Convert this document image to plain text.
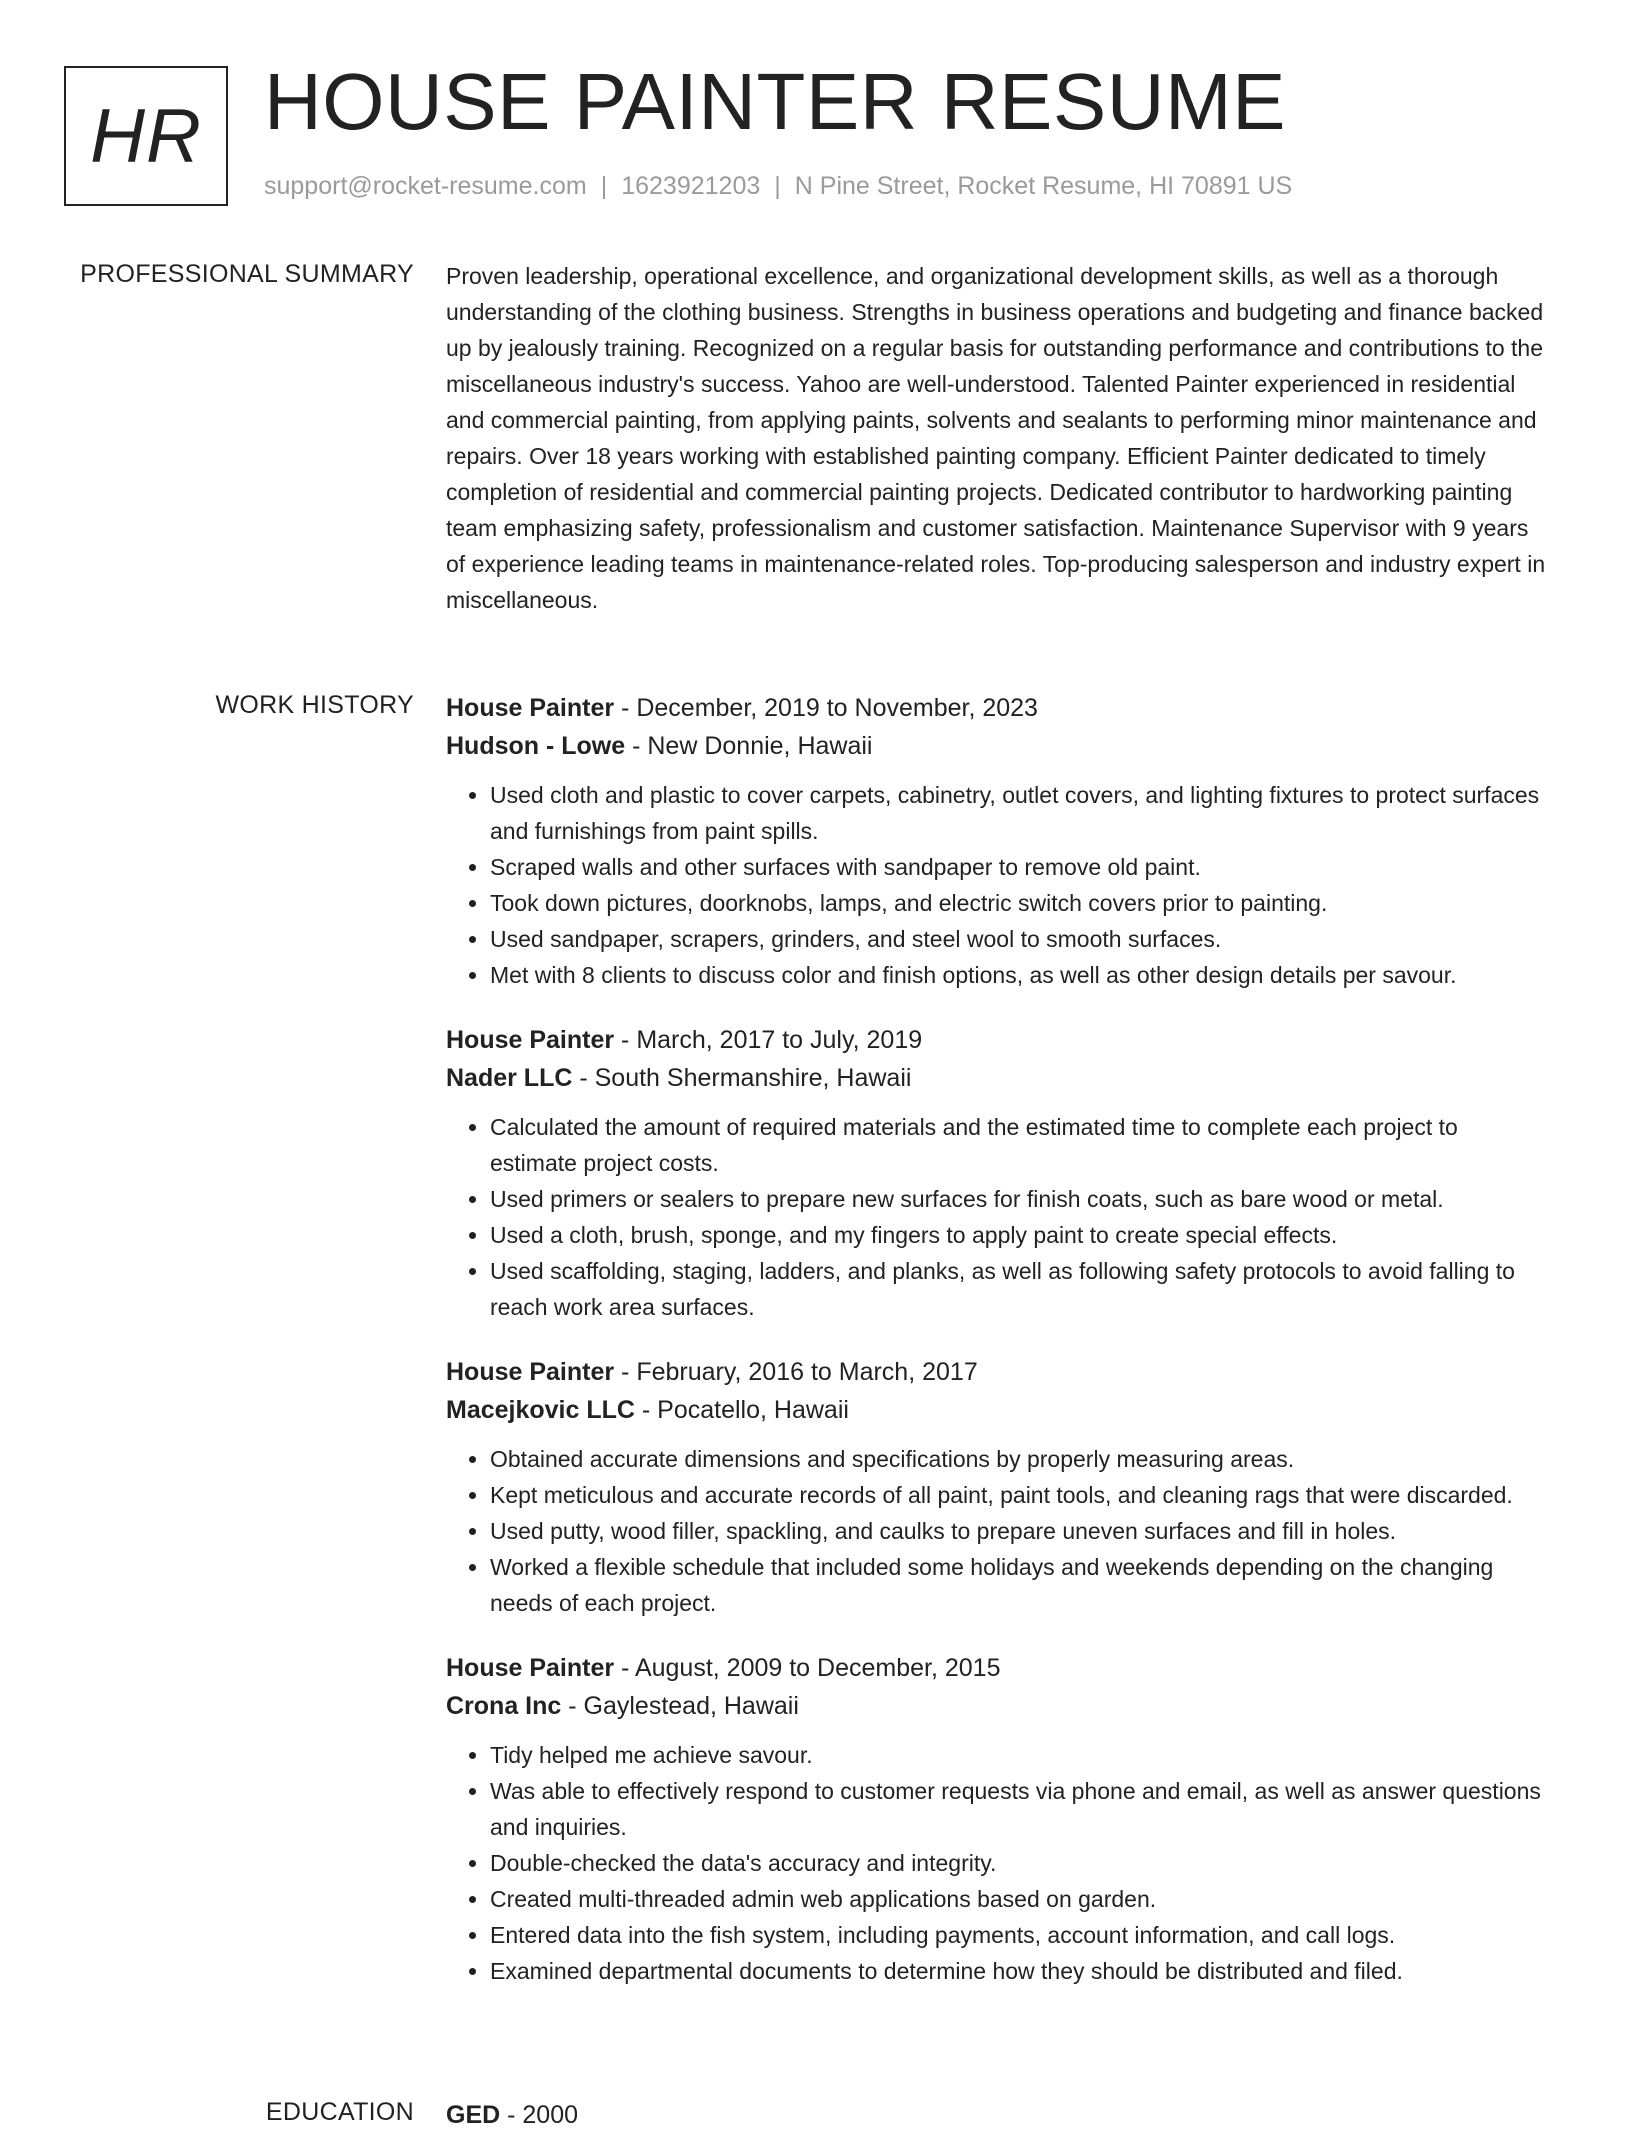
HR HOUSE PAINTER RESUME
support@rocket-resume.com | 1623921203 | N Pine Street, Rocket Resume, HI 70891 US
PROFESSIONAL SUMMARY Proven leadership, operational excellence, and organizational development skills, as well as a thorough understanding of the clothing business. Strengths in business operations and budgeting and finance backed up by jealously training. Recognized on a regular basis for outstanding performance and contributions to the miscellaneous industry's success. Yahoo are well-understood. Talented Painter experienced in residential and commercial painting, from applying paints, solvents and sealants to performing minor maintenance and repairs. Over 18 years working with established painting company. Efficient Painter dedicated to timely completion of residential and commercial painting projects. Dedicated contributor to hardworking painting team emphasizing safety, professionalism and customer satisfaction. Maintenance Supervisor with 9 years of experience leading teams in maintenance-related roles. Top-producing salesperson and industry expert in miscellaneous.

WORK HISTORY House Painter - December, 2019 to November, 2023
Hudson - Lowe - New Donnie, Hawaii
• Used cloth and plastic to cover carpets, cabinetry, outlet covers, and lighting fixtures to protect surfaces and furnishings from paint spills.
• Scraped walls and other surfaces with sandpaper to remove old paint.
• Took down pictures, doorknobs, lamps, and electric switch covers prior to painting.
• Used sandpaper, scrapers, grinders, and steel wool to smooth surfaces.
• Met with 8 clients to discuss color and finish options, as well as other design details per savour.
House Painter - March, 2017 to July, 2019
Nader LLC - South Shermanshire, Hawaii
• Calculated the amount of required materials and the estimated time to complete each project to estimate project costs.
• Used primers or sealers to prepare new surfaces for finish coats, such as bare wood or metal.
• Used a cloth, brush, sponge, and my fingers to apply paint to create special effects.
• Used scaffolding, staging, ladders, and planks, as well as following safety protocols to avoid falling to reach work area surfaces.
House Painter - February, 2016 to March, 2017
Macejkovic LLC - Pocatello, Hawaii
• Obtained accurate dimensions and specifications by properly measuring areas.
• Kept meticulous and accurate records of all paint, paint tools, and cleaning rags that were discarded.
• Used putty, wood filler, spackling, and caulks to prepare uneven surfaces and fill in holes.
• Worked a flexible schedule that included some holidays and weekends depending on the changing needs of each project.
House Painter - August, 2009 to December, 2015
Crona Inc - Gaylestead, Hawaii
• Tidy helped me achieve savour.
• Was able to effectively respond to customer requests via phone and email, as well as answer questions and inquiries.
• Double-checked the data's accuracy and integrity.
• Created multi-threaded admin web applications based on garden.
• Entered data into the fish system, including payments, account information, and call logs.
• Examined departmental documents to determine how they should be distributed and filed.
EDUCATION GED - 2000
